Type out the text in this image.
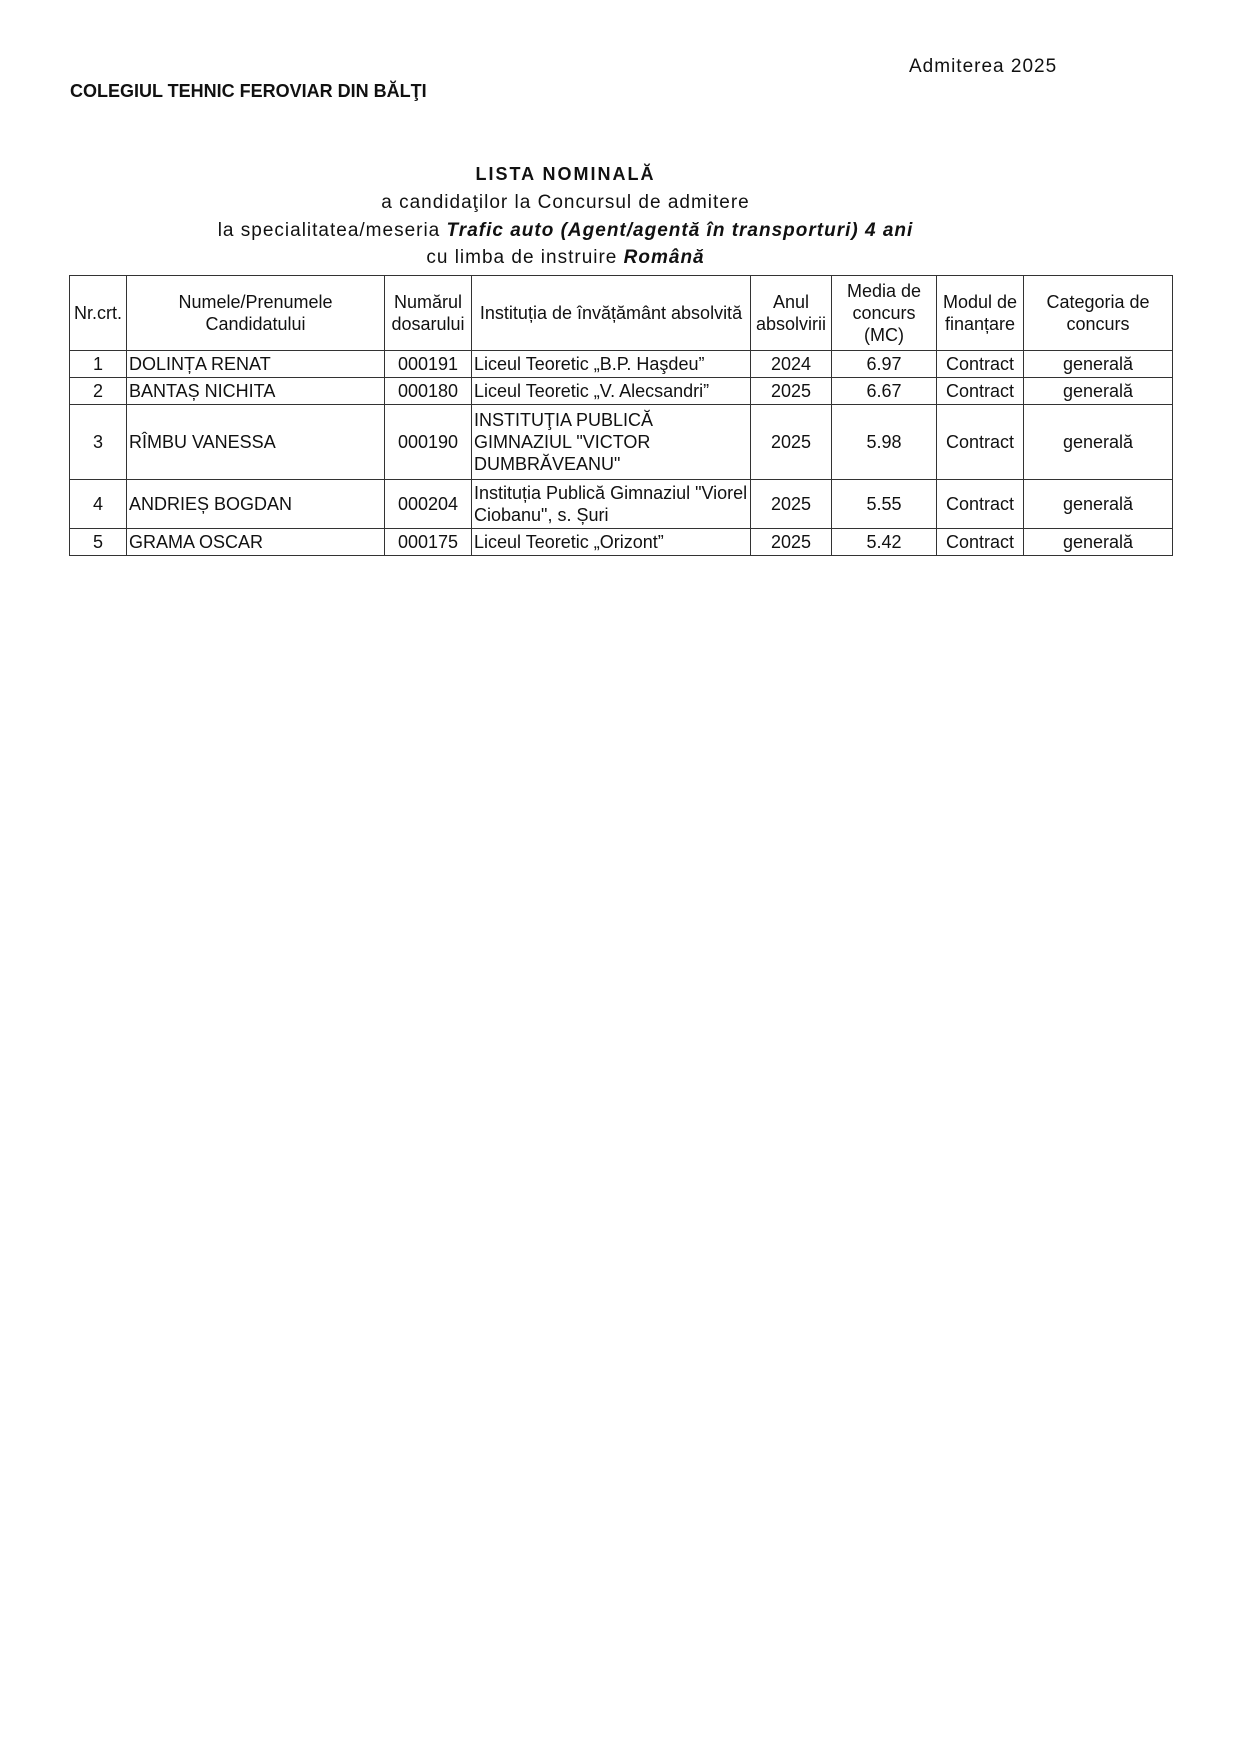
Admiterea 2025
COLEGIUL TEHNIC FEROVIAR DIN BĂLŢI
LISTA NOMINALĂ
a candidaţilor la Concursul de admitere
la specialitatea/meseria Trafic auto (Agent/agentă în transporturi) 4 ani
cu limba de instruire Română
Nr.crt.	Numele/Prenumele Candidatului	Numărul dosarului	Instituția de învățământ absolvită	Anul absolvirii	Media de concurs (MC)	Modul de finanțare	Categoria de concurs
1	DOLINȚA RENAT	000191	Liceul Teoretic „B.P. Haşdeu”	2024	6.97	Contract	generală
2	BANTAȘ NICHITA	000180	Liceul Teoretic „V. Alecsandri”	2025	6.67	Contract	generală
3	RÎMBU VANESSA	000190	INSTITUŢIA PUBLICĂ GIMNAZIUL "VICTOR DUMBRĂVEANU"	2025	5.98	Contract	generală
4	ANDRIEȘ BOGDAN	000204	Instituția Publică Gimnaziul "Viorel Ciobanu", s. Șuri	2025	5.55	Contract	generală
5	GRAMA OSCAR	000175	Liceul Teoretic „Orizont”	2025	5.42	Contract	generală
